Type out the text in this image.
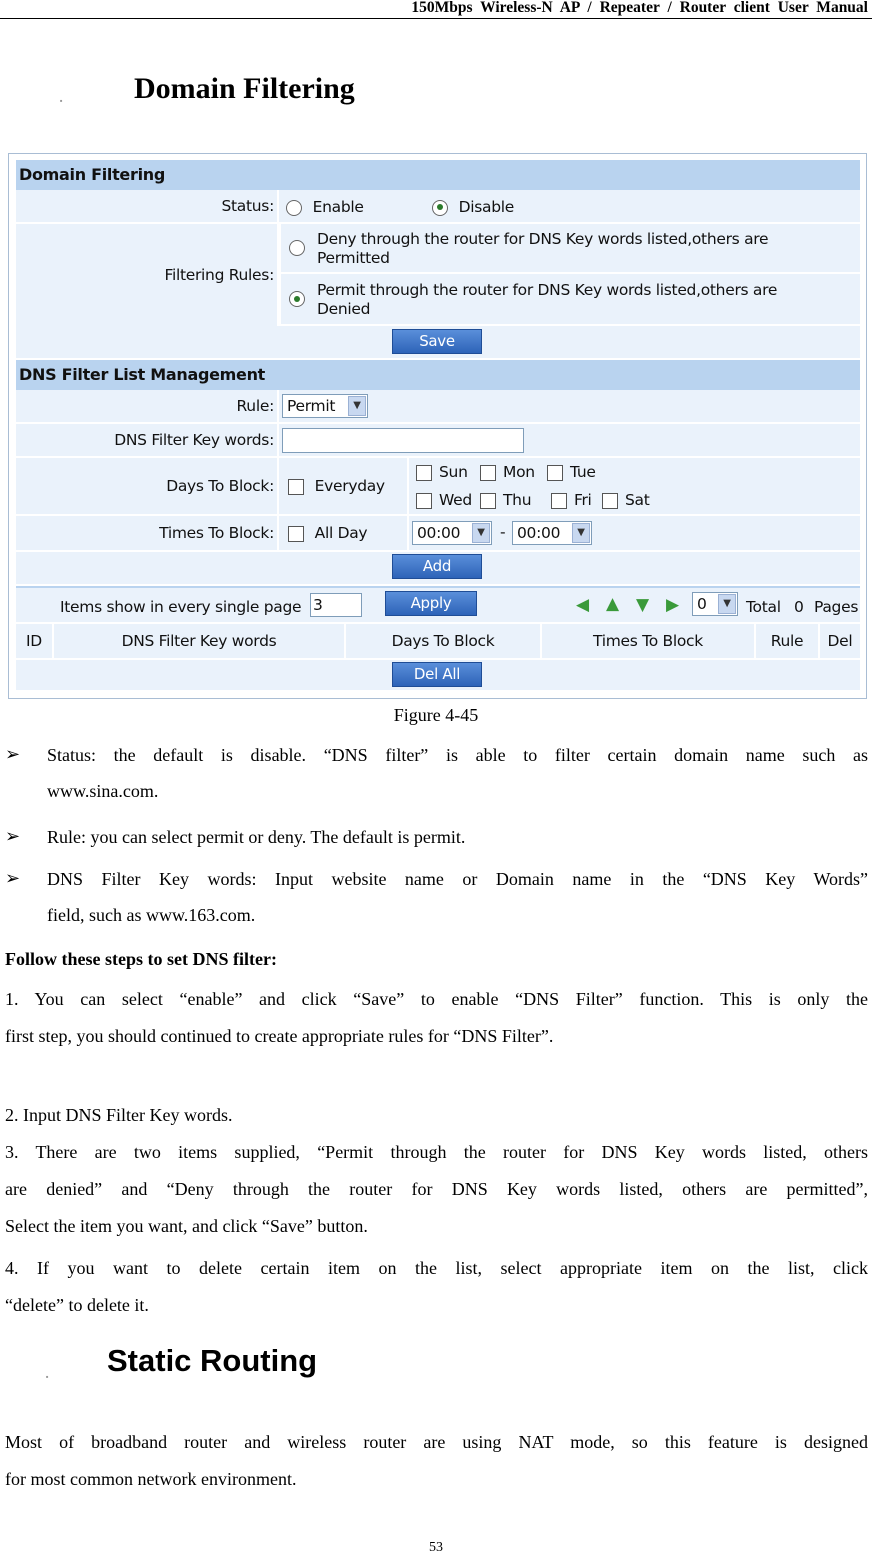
150Mbps Wireless-N AP / Repeater / Router client User Manual
■ Domain Filtering
Domain Filtering
Status:	Enable	Disable
Filtering Rules:
Deny through the router for DNS Key words listed,others are
Permitted
Permit through the router for DNS Key words listed,others are
Denied
Save
DNS Filter List Management
Rule: Permit	▼
DNS Filter Key words:
Days To Block:	Everyday
Sun	Mon	Tue
Wed	Thu	Fri	Sat
Times To Block:	All Day	00:00	▼ - 00:00	▼
Add
Items show in every single page 3	Apply	◀ ▲ ▼ ▶	0	▼ Total 0 Pages
ID	DNS Filter Key words	Days To Block	Times To Block	Rule	Del
Del All
Figure 4-45
➢ Status: the default is disable. “DNS filter” is able to filter certain domain name such as
www.sina.com.
➢ Rule: you can select permit or deny. The default is permit.
➢ DNS Filter Key words: Input website name or Domain name in the “DNS Key Words”
field, such as www.163.com.
Follow these steps to set DNS filter:
1. You can select “enable” and click “Save” to enable “DNS Filter” function. This is only the
first step, you should continued to create appropriate rules for “DNS Filter”.
2. Input DNS Filter Key words.
3. There are two items supplied, “Permit through the router for DNS Key words listed, others
are denied” and “Deny through the router for DNS Key words listed, others are permitted”,
Select the item you want, and click “Save” button.
4. If you want to delete certain item on the list, select appropriate item on the list, click
“delete” to delete it.
■ Static Routing
Most of broadband router and wireless router are using NAT mode, so this feature is designed
for most common network environment.
53
